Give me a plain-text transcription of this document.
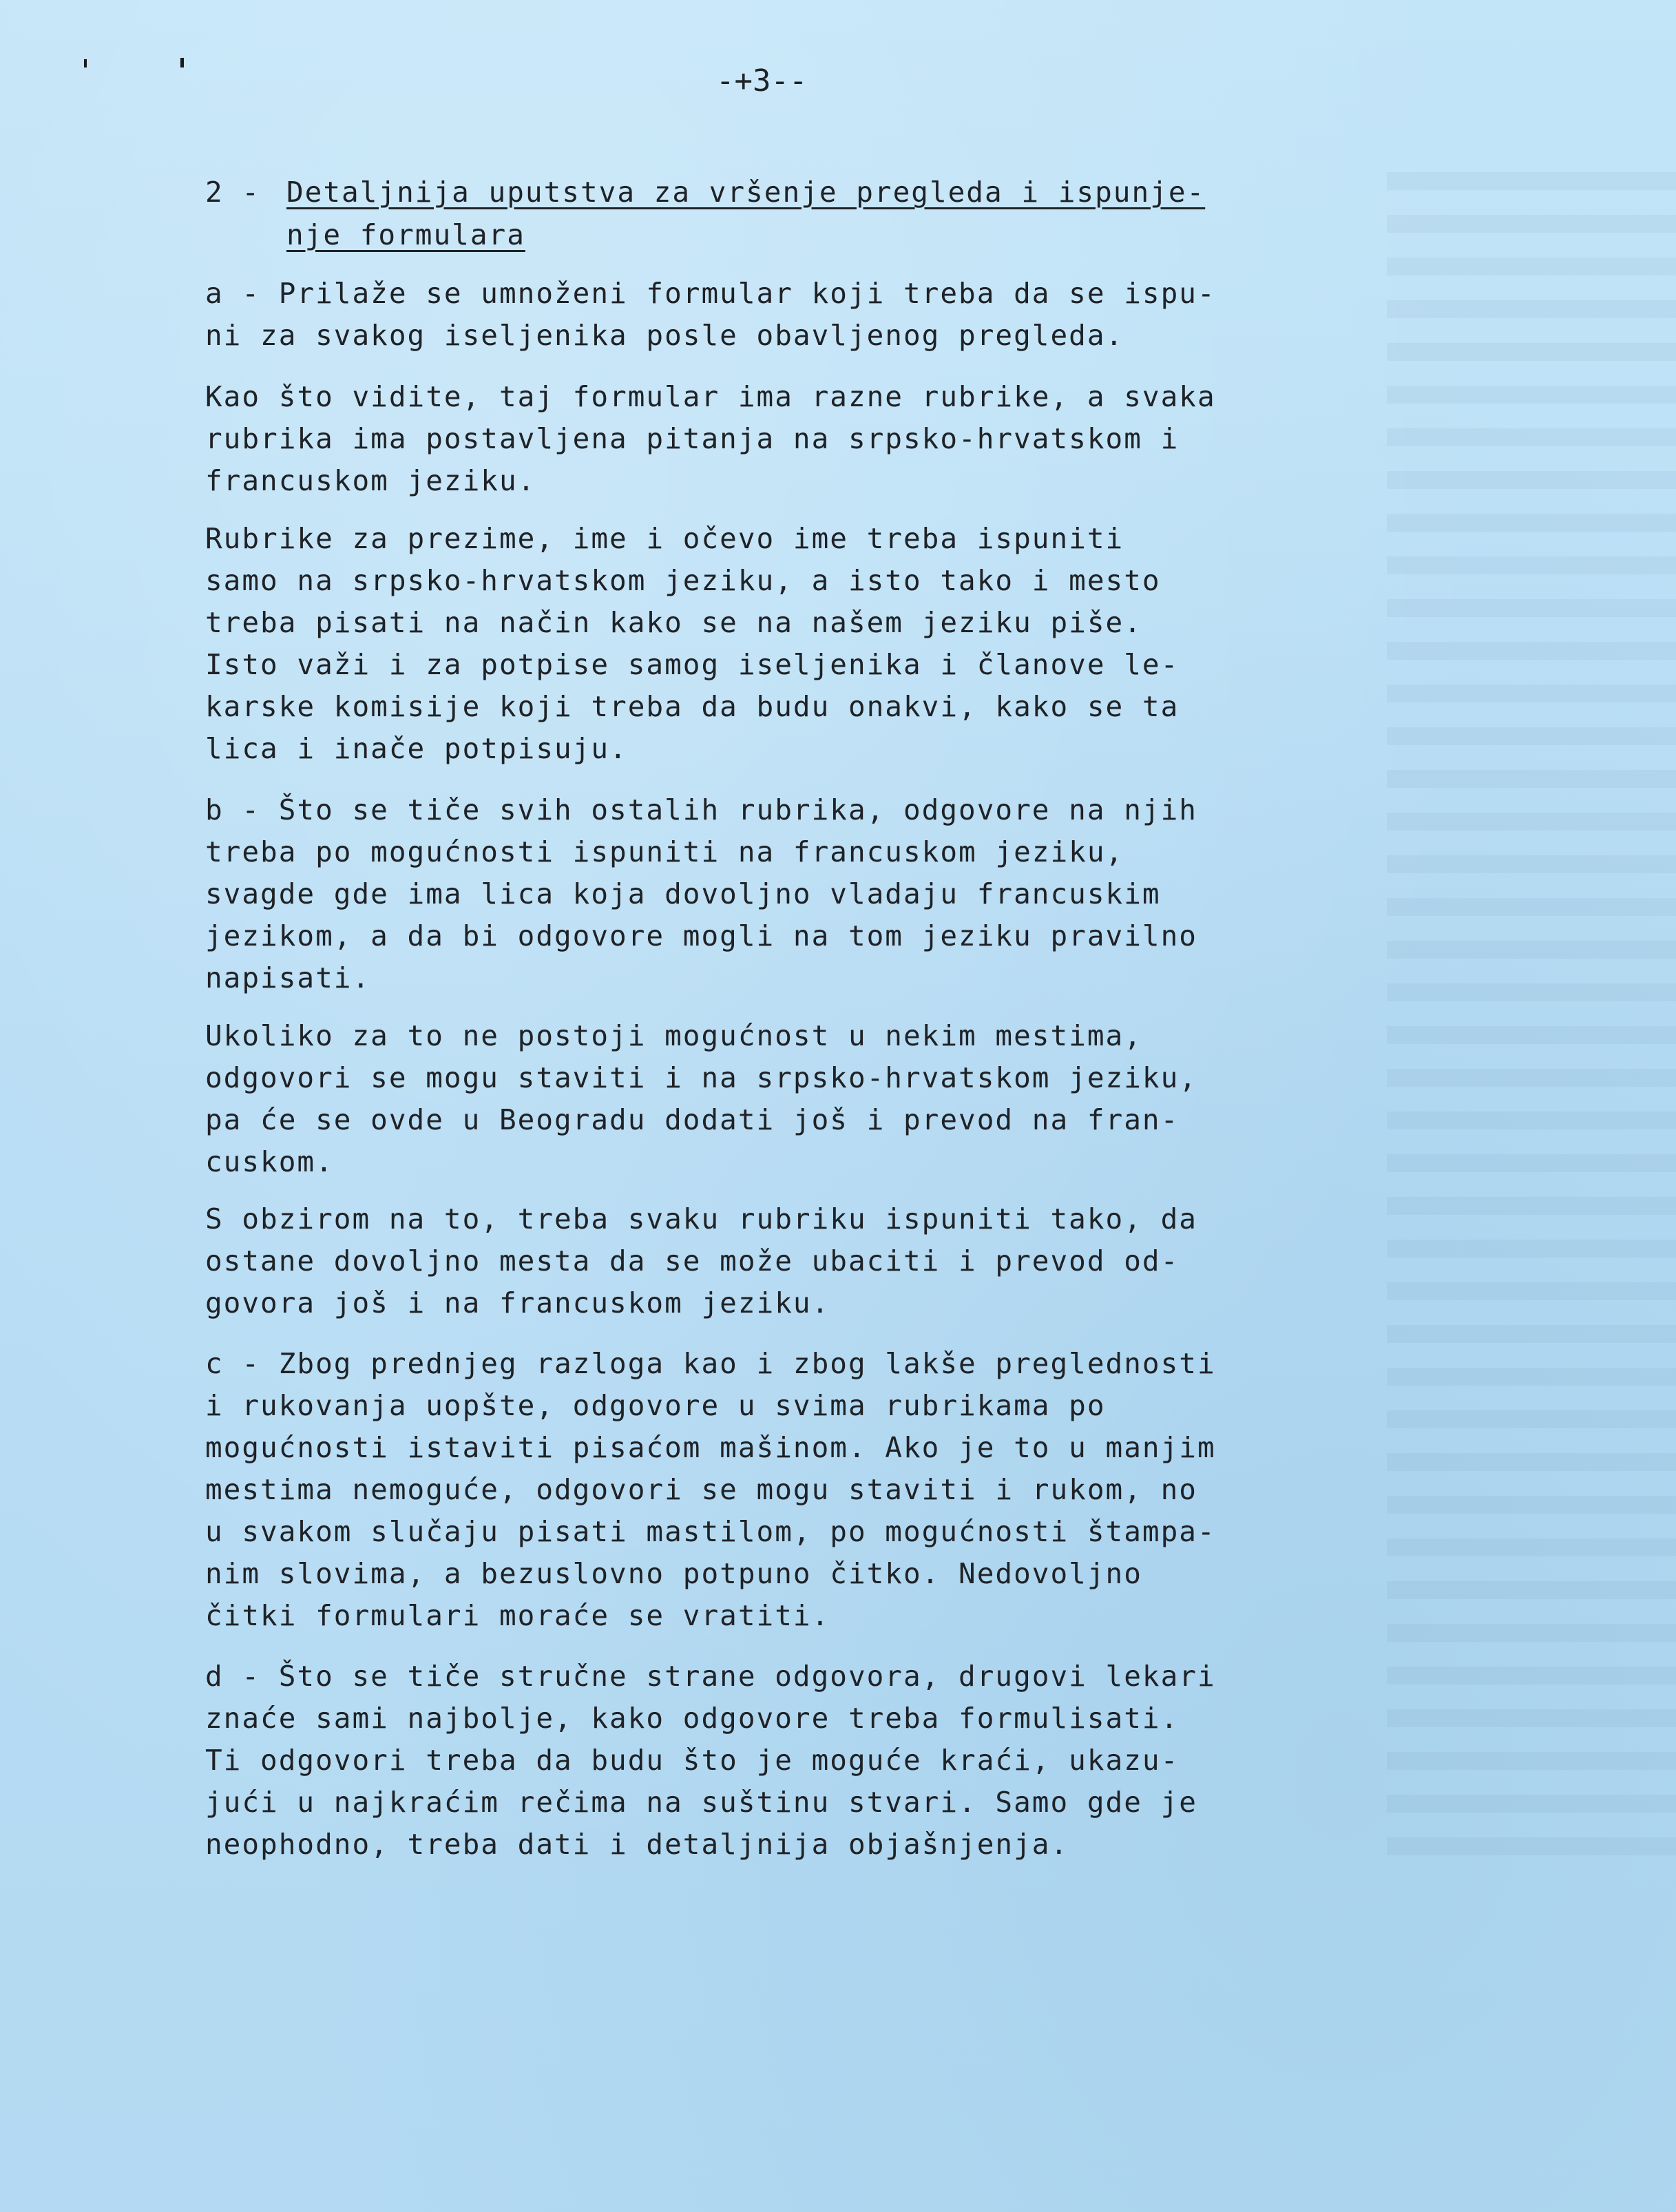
-+3--
2 - Detaljnija uputstva za vršenje pregleda i ispunje-
nje formulara
a - Prilaže se umnoženi formular koji treba da se ispu-
ni za svakog iseljenika posle obavljenog pregleda.
Kao što vidite, taj formular ima razne rubrike, a svaka
rubrika ima postavljena pitanja na srpsko-hrvatskom i
francuskom jeziku.
Rubrike za prezime, ime i očevo ime treba ispuniti
samo na srpsko-hrvatskom jeziku, a isto tako i mesto
treba pisati na način kako se na našem jeziku piše.
Isto važi i za potpise samog iseljenika i članove le-
karske komisije koji treba da budu onakvi, kako se ta
lica i inače potpisuju.
b - Što se tiče svih ostalih rubrika, odgovore na njih
treba po mogućnosti ispuniti na francuskom jeziku,
svagde gde ima lica koja dovoljno vladaju francuskim
jezikom, a da bi odgovore mogli na tom jeziku pravilno
napisati.
Ukoliko za to ne postoji mogućnost u nekim mestima,
odgovori se mogu staviti i na srpsko-hrvatskom jeziku,
pa će se ovde u Beogradu dodati još i prevod na fran-
cuskom.
S obzirom na to, treba svaku rubriku ispuniti tako, da
ostane dovoljno mesta da se može ubaciti i prevod od-
govora još i na francuskom jeziku.
c - Zbog prednjeg razloga kao i zbog lakše preglednosti
i rukovanja uopšte, odgovore u svima rubrikama po
mogućnosti istaviti pisaćom mašinom. Ako je to u manjim
mestima nemoguće, odgovori se mogu staviti i rukom, no
u svakom slučaju pisati mastilom, po mogućnosti štampa-
nim slovima, a bezuslovno potpuno čitko. Nedovoljno
čitki formulari moraće se vratiti.
d - Što se tiče stručne strane odgovora, drugovi lekari
znaće sami najbolje, kako odgovore treba formulisati.
Ti odgovori treba da budu što je moguće kraći, ukazu-
jući u najkraćim rečima na suštinu stvari. Samo gde je
neophodno, treba dati i detaljnija objašnjenja.
